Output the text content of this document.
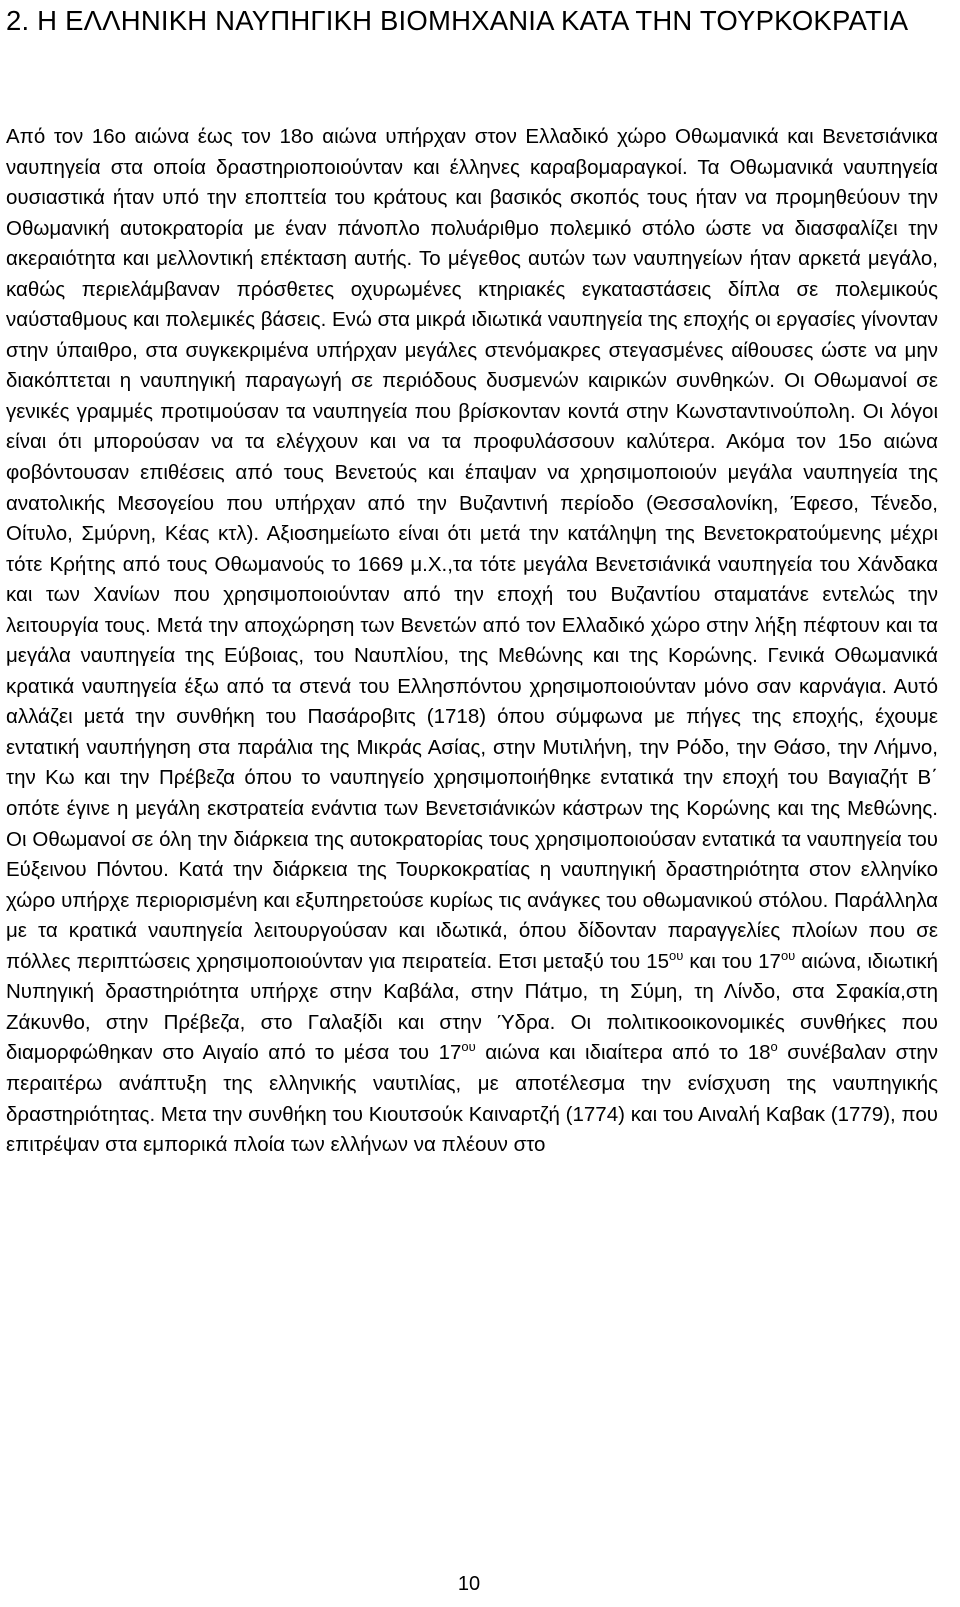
2. Η ΕΛΛΗΝΙΚΗ ΝΑΥΠΗΓΙΚΗ ΒΙΟΜΗΧΑΝΙΑ ΚΑΤΑ ΤΗΝ ΤΟΥΡΚΟΚΡΑΤΙΑ

Από τον 16ο αιώνα έως τον 18ο αιώνα υπήρχαν στον Ελλαδικό χώρο Οθωμανικά και Βενετσιάνικα ναυπηγεία στα οποία δραστηριοποιούνταν και έλληνες καραβομαραγκοί. Τα Οθωμανικά ναυπηγεία ουσιαστικά ήταν υπό την εποπτεία του κράτους και βασικός σκοπός τους ήταν να προμηθεύουν την Οθωμανική αυτοκρατορία με έναν πάνοπλο πολυάριθμο πολεμικό στόλο ώστε να διασφαλίζει την ακεραιότητα και μελλοντική επέκταση αυτής. Το μέγεθος αυτών των ναυπηγείων ήταν αρκετά μεγάλο, καθώς περιελάμβαναν πρόσθετες οχυρωμένες κτηριακές εγκαταστάσεις δίπλα σε πολεμικούς ναύσταθμους και πολεμικές βάσεις. Ενώ στα μικρά ιδιωτικά ναυπηγεία της εποχής οι εργασίες γίνονταν στην ύπαιθρο, στα συγκεκριμένα υπήρχαν μεγάλες στενόμακρες στεγασμένες αίθουσες ώστε να μην διακόπτεται η ναυπηγική παραγωγή σε περιόδους δυσμενών καιρικών συνθηκών. Οι Οθωμανοί σε γενικές γραμμές προτιμούσαν τα ναυπηγεία που βρίσκονταν κοντά στην Κωνσταντινούπολη. Οι λόγοι είναι ότι μπορούσαν να τα ελέγχουν και να τα προφυλάσσουν καλύτερα. Ακόμα τον 15ο αιώνα φοβόντουσαν επιθέσεις από τους Βενετούς και έπαψαν να χρησιμοποιούν μεγάλα ναυπηγεία της ανατολικής Μεσογείου που υπήρχαν από την Βυζαντινή περίοδο (Θεσσαλονίκη, Έφεσο, Τένεδο, Οίτυλο, Σμύρνη, Κέας κτλ). Αξιοσημείωτο είναι ότι μετά την κατάληψη της Βενετοκρατούμενης μέχρι τότε Κρήτης από τους Οθωμανούς το 1669 μ.Χ.,τα τότε μεγάλα Βενετσιάνικά ναυπηγεία του Χάνδακα και των Χανίων που χρησιμοποιούνταν από την εποχή του Βυζαντίου σταματάνε εντελώς την λειτουργία τους. Μετά την αποχώρηση των Βενετών από τον Ελλαδικό χώρο στην λήξη πέφτουν και τα μεγάλα ναυπηγεία της Εύβοιας, του Ναυπλίου, της Μεθώνης και της Κορώνης. Γενικά Οθωμανικά κρατικά ναυπηγεία έξω από τα στενά του Ελλησπόντου χρησιμοποιούνταν μόνο σαν καρνάγια. Αυτό αλλάζει μετά την συνθήκη του Πασάροβιτς (1718) όπου σύμφωνα με πήγες της εποχής, έχουμε εντατική ναυπήγηση στα παράλια της Μικράς Ασίας, στην Μυτιλήνη, την Ρόδο, την Θάσο, την Λήμνο, την Κω και την Πρέβεζα όπου το ναυπηγείο χρησιμοποιήθηκε εντατικά την εποχή του Βαγιαζήτ Β΄ οπότε έγινε η μεγάλη εκστρατεία ενάντια των Βενετσιάνικών κάστρων της Κορώνης και της Μεθώνης. Οι Οθωμανοί σε όλη την διάρκεια της αυτοκρατορίας τους χρησιμοποιούσαν εντατικά τα ναυπηγεία του Εύξεινου Πόντου. Κατά την διάρκεια της Τουρκοκρατίας η ναυπηγική δραστηριότητα στον ελληνίκο χώρο υπήρχε περιορισμένη και εξυπηρετούσε κυρίως τις ανάγκες του οθωμανικού στόλου. Παράλληλα με τα κρατικά ναυπηγεία λειτουργούσαν και ιδωτικά, όπου δίδονταν παραγγελίες πλοίων που σε πόλλες περιπτώσεις χρησιμοποιούνταν για πειρατεία. Ετσι μεταξύ του $15^{o\upsilon}$ και του $17^{o\upsilon}$ αιώνα, ιδιωτική Νυπηγική δραστηριότητα υπήρχε στην Καβάλα, στην Πάτμο, τη Σύμη, τη Λίνδο, στα Σφακία,στη Ζάκυνθο, στην Πρέβεζα, στο Γαλαξίδι και στην Ύδρα. Οι πολιτικοοικονομικές συνθήκες που διαμορφώθηκαν στο Αιγαίο από το μέσα του $17^{o\upsilon}$ αιώνα και ιδιαίτερα από το $18^o$ συνέβαλαν στην περαιτέρω ανάπτυξη της ελληνικής ναυτιλίας, με αποτέλεσμα την ενίσχυση της ναυπηγικής δραστηριότητας. Μετα την συνθήκη του Κιουτσούκ Καιναρτζή (1774) και του Αιναλή Καβακ (1779), που επιτρέψαν στα εμπορικά πλοία των ελλήνων να πλέουν στο

10
